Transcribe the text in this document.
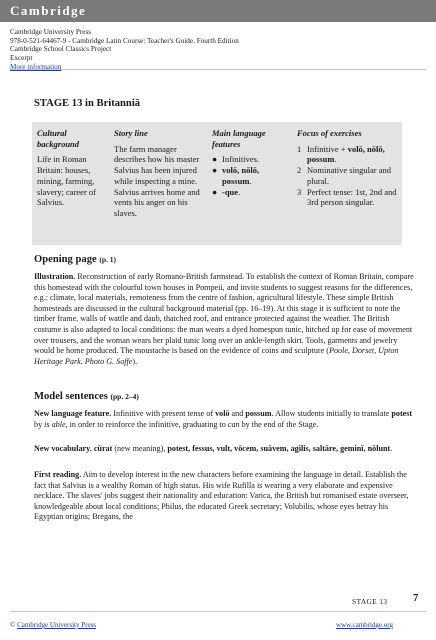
Cambridge
Cambridge University Press
978-0-521-64467-9 - Cambridge Latin Course: Teacher's Guide, Fourth Edition
Cambridge School Classics Project
Excerpt
More information
STAGE 13 in Britanniā
Cultural background
Life in Roman Britain: houses, mining, farming, slavery; career of Salvius.
Story line
The farm manager describes how his master Salvius has been injured while inspecting a mine. Salvius arrives home and vents his anger on his slaves.
Main language features
● Infinitives.
● volō, nōlō, possum.
● -que.
Focus of exercises
1 Infinitive + volō, nōlō, possum.
2 Nominative singular and plural.
3 Perfect tense: 1st, 2nd and 3rd person singular.
Opening page (p. 1)
Illustration. Reconstruction of early Romano-British farmstead. To establish the context of Roman Britain, compare this homestead with the colourful town houses in Pompeii, and invite students to suggest reasons for the differences, e.g.: climate, local materials, remoteness from the centre of fashion, agricultural lifestyle. These simple British homesteads are discussed in the cultural background material (pp. 16–19). At this stage it is sufficient to note the timber frame, walls of wattle and daub, thatched roof, and entrance protected against the weather. The British costume is also adapted to local conditions: the man wears a dyed homespun tunic, hitched up for ease of movement over trousers, and the woman wears her plaid tunic long over an ankle-length skirt. Tools, garments and jewelry would be home produced. The moustache is based on the evidence of coins and sculpture (Poole, Dorset, Upton Heritage Park. Photo G. Soffe).
Model sentences (pp. 2–4)
New language feature. Infinitive with present tense of volō and possum. Allow students initially to translate potest by is able, in order to reinforce the infinitive, graduating to can by the end of the Stage.
New vocabulary. cūrat (new meaning), potest, fessus, vult, vōcem, suāvem, agilis, saltāre, geminī, nōlunt.
First reading. Aim to develop interest in the new characters before examining the language in detail. Establish the fact that Salvius is a wealthy Roman of high status. His wife Rufilla is wearing a very elaborate and expensive necklace. The slaves' jobs suggest their nationality and education: Varica, the British but romanised estate overseer, knowledgeable about local conditions; Philus, the educated Greek secretary; Volubilis, whose eyes betray his Egyptian origins; Bregans, the
STAGE 13 7
© Cambridge University Press	www.cambridge.org
